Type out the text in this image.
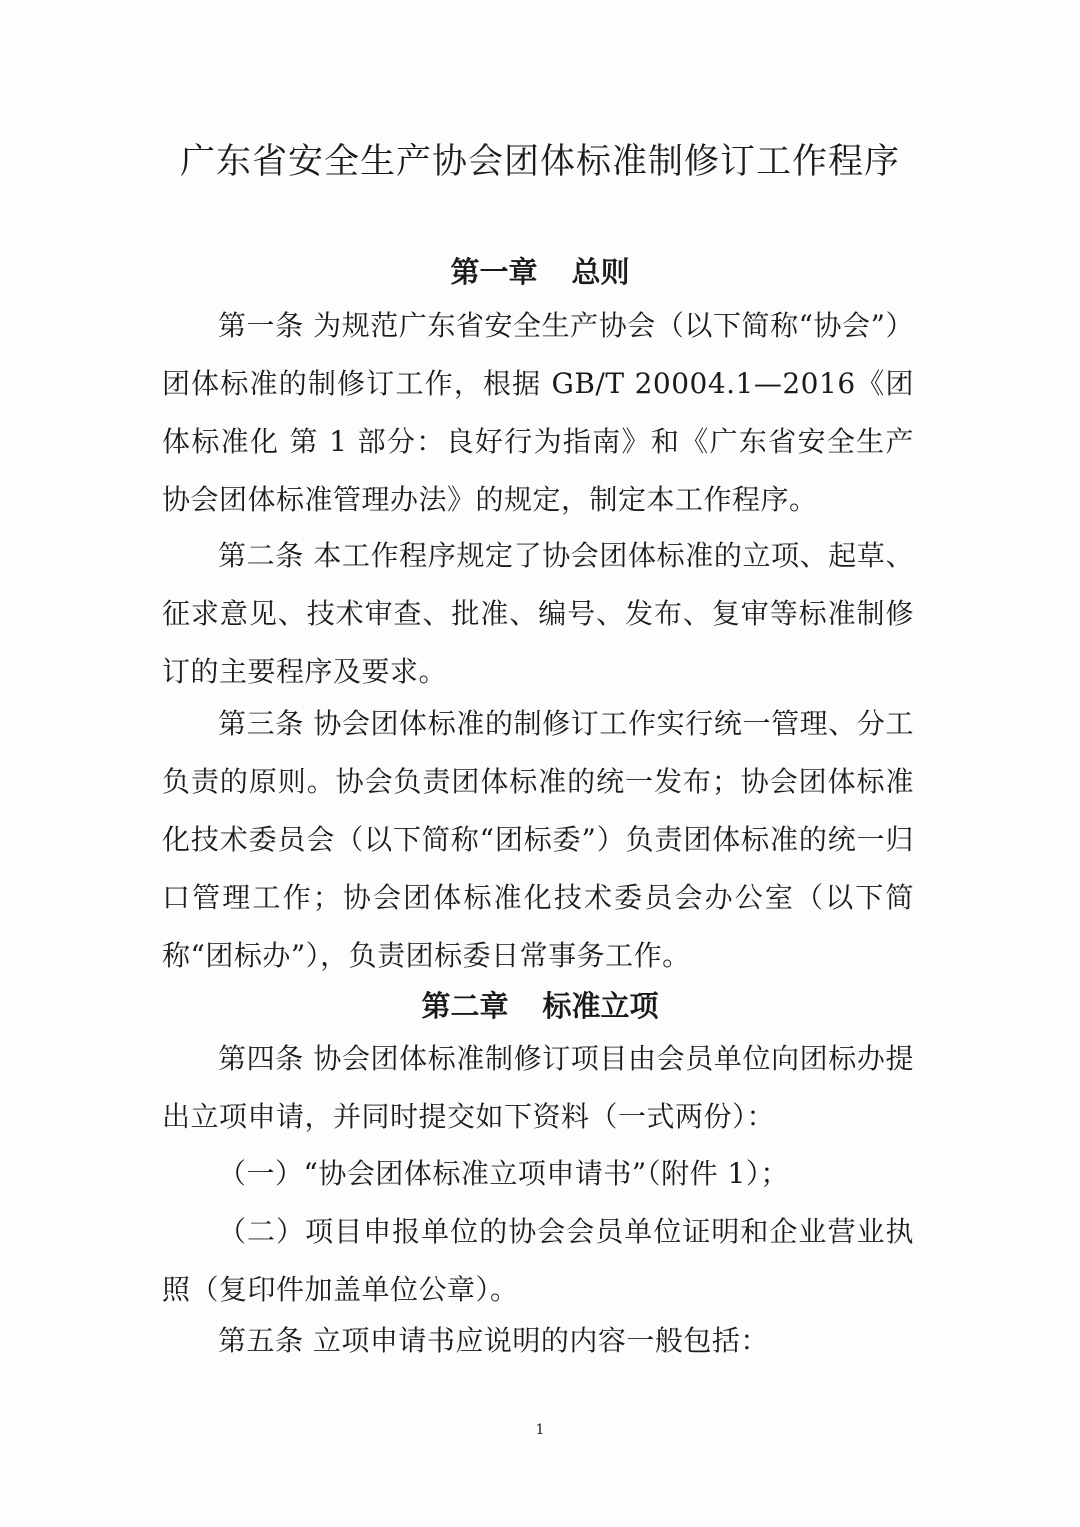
广东省安全生产协会团体标准制修订工作程序
第一章 总则

第一条 为规范广东省安全生产协会（以下简称“协会”）团体标准的制修订工作，根据 GB/T 20004.1—2016《团体标准化 第 1 部分：良好行为指南》和《广东省安全生产协会团体标准管理办法》的规定，制定本工作程序。

第二条 本工作程序规定了协会团体标准的立项、起草、征求意见、技术审查、批准、编号、发布、复审等标准制修订的主要程序及要求。

第三条 协会团体标准的制修订工作实行统一管理、分工负责的原则。协会负责团体标准的统一发布；协会团体标准化技术委员会（以下简称“团标委”）负责团体标准的统一归口管理工作；协会团体标准化技术委员会办公室（以下简称“团标办”），负责团标委日常事务工作。

第二章 标准立项

第四条 协会团体标准制修订项目由会员单位向团标办提出立项申请，并同时提交如下资料（一式两份）：

（一）“协会团体标准立项申请书”（附件 1）；

（二）项目申报单位的协会会员单位证明和企业营业执照（复印件加盖单位公章）。

第五条 立项申请书应说明的内容一般包括：

1
